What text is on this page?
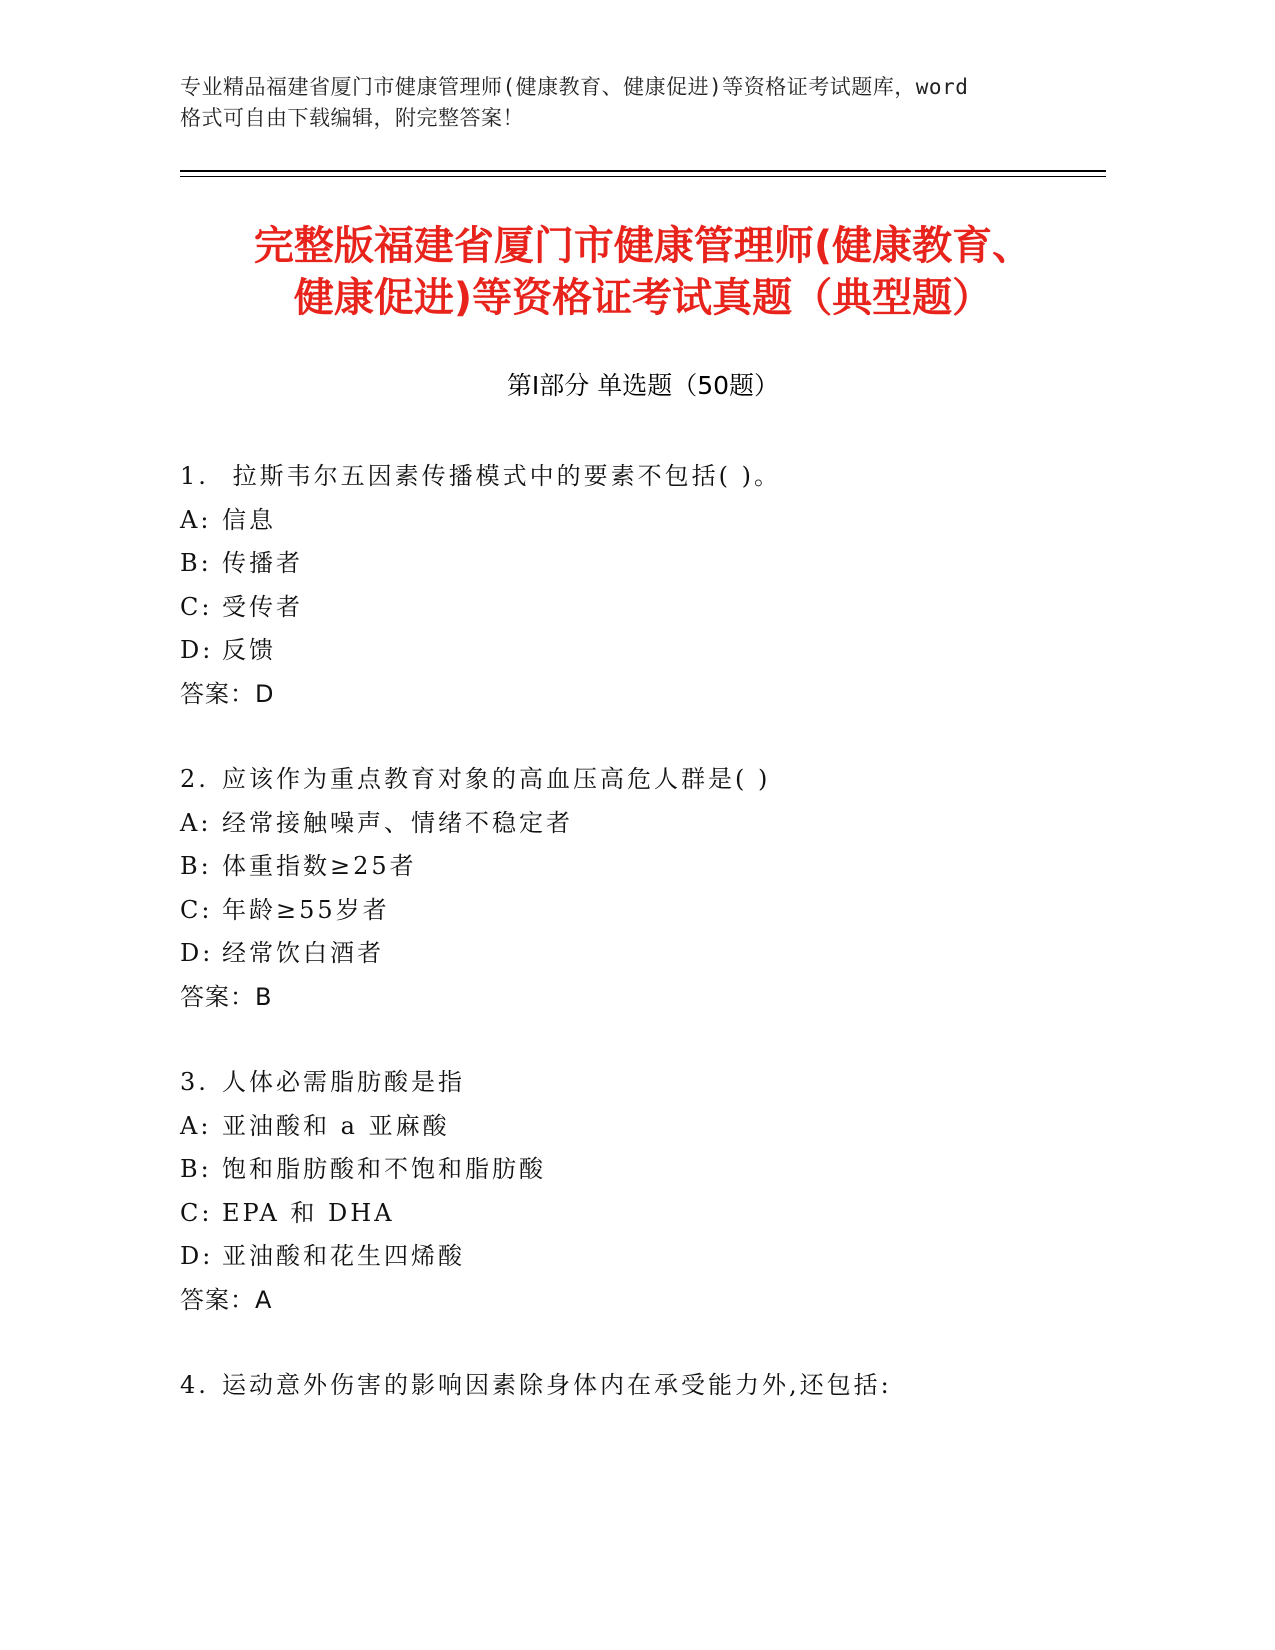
专业精品福建省厦门市健康管理师(健康教育、健康促进)等资格证考试题库，word
格式可自由下载编辑，附完整答案！
完整版福建省厦门市健康管理师(健康教育、
健康促进)等资格证考试真题（典型题）
第Ⅰ部分 单选题（50题）
1. 拉斯韦尔五因素传播模式中的要素不包括( )。
A: 信息
B: 传播者
C: 受传者
D: 反馈
答案：D
2. 应该作为重点教育对象的高血压高危人群是( )
A: 经常接触噪声、情绪不稳定者
B: 体重指数≥25者
C: 年龄≥55岁者
D: 经常饮白酒者
答案：B
3. 人体必需脂肪酸是指
A: 亚油酸和 a 亚麻酸
B: 饱和脂肪酸和不饱和脂肪酸
C: EPA 和 DHA
D: 亚油酸和花生四烯酸
答案：A
4. 运动意外伤害的影响因素除身体内在承受能力外,还包括:
